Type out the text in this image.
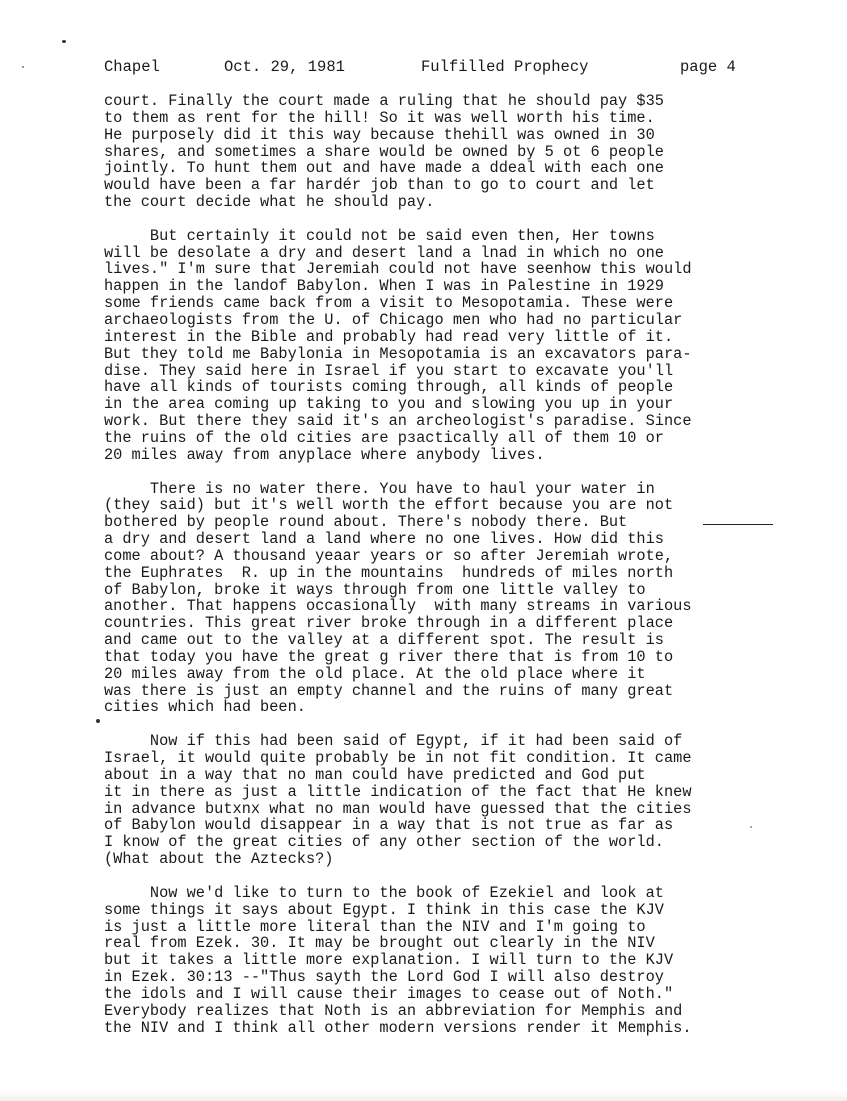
Chapel	Oct. 29, 1981	Fulfilled Prophecy	page 4
court. Finally the court made a ruling that he should pay $35
to them as rent for the hill! So it was well worth his time.
He purposely did it this way because thehill was owned in 30
shares, and sometimes a share would be owned by 5 ot 6 people
jointly. To hunt them out and have made a ddeal with each one
would have been a far hardér job than to go to court and let
the court decide what he should pay.
But certainly it could not be said even then, Her towns
will be desolate a dry and desert land a lnad in which no one
lives." I'm sure that Jeremiah could not have seenhow this would
happen in the landof Babylon. When I was in Palestine in 1929
some friends came back from a visit to Mesopotamia. These were
archaeologists from the U. of Chicago men who had no particular
interest in the Bible and probably had read very little of it.
But they told me Babylonia in Mesopotamia is an excavators para-
dise. They said here in Israel if you start to excavate you'll
have all kinds of tourists coming through, all kinds of people
in the area coming up taking to you and slowing you up in your
work. But there they said it's an archeologist's paradise. Since
the ruins of the old cities are pзactically all of them 10 or
20 miles away from anyplace where anybody lives.
There is no water there. You have to haul your water in
(they said) but it's well worth the effort because you are not
bothered by people round about. There's nobody there. But
a dry and desert land a land where no one lives. How did this
come about? A thousand yeaar years or so after Jeremiah wrote,
the Euphrates  R. up in the mountains  hundreds of miles north
of Babylon, broke it ways through from one little valley to
another. That happens occasionally  with many streams in various
countries. This great river broke through in a different place
and came out to the valley at a different spot. The result is
that today you have the great g river there that is from 10 to
20 miles away from the old place. At the old place where it
was there is just an empty channel and the ruins of many great
cities which had been.
Now if this had been said of Egypt, if it had been said of
Israel, it would quite probably be in not fit condition. It came
about in a way that no man could have predicted and God put
it in there as just a little indication of the fact that He knew
in advance butxnx what no man would have guessed that the cities
of Babylon would disappear in a way that is not true as far as
I know of the great cities of any other section of the world.
(What about the Aztecks?)
Now we'd like to turn to the book of Ezekiel and look at
some things it says about Egypt. I think in this case the KJV
is just a little more literal than the NIV and I'm going to
real from Ezek. 30. It may be brought out clearly in the NIV
but it takes a little more explanation. I will turn to the KJV
in Ezek. 30:13 --"Thus sayth the Lord God I will also destroy
the idols and I will cause their images to cease out of Noth."
Everybody realizes that Noth is an abbreviation for Memphis and
the NIV and I think all other modern versions render it Memphis.
